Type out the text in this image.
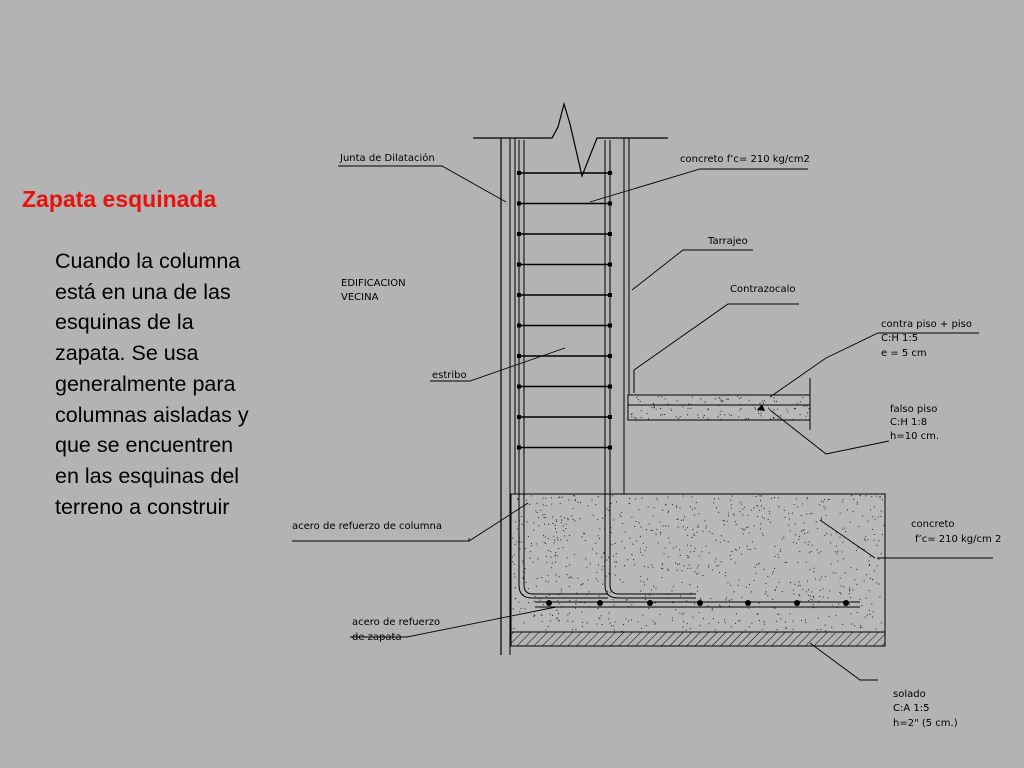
Zapata esquinada

Cuando la columna está en una de las esquinas de la zapata. Se usa generalmente para columnas aisladas y que se encuentren en las esquinas del terreno a construir

Junta de Dilatación	concreto f’c= 210 kg/cm2
Tarrajeo
EDIFICACION
VECINA
Contrazocalo
contra piso + piso
C:H 1:5
e = 5 cm
estribo
falso piso
C:H 1:8
h=10 cm.
acero de refuerzo de columna	concreto
f’c= 210 kg/cm 2
acero de refuerzo
de zapata
solado
C:A 1:5
h=2" (5 cm.)
